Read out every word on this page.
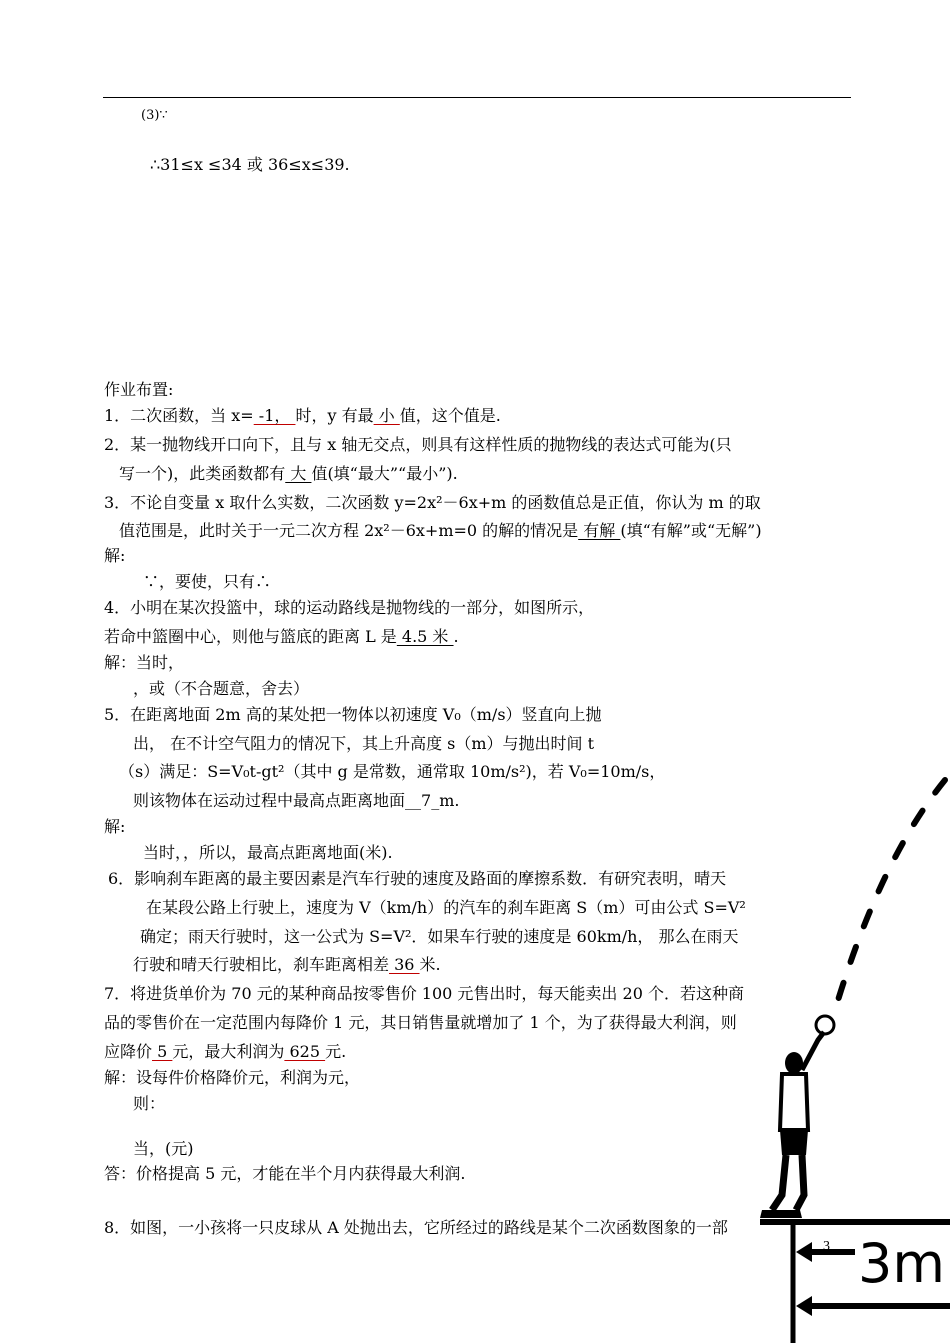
(3)∵
∴31≤x ≤34 或 36≤x≤39.
作业布置:
1．二次函数，当 x= -1， 时，y 有最 小 值，这个值是.
2．某一抛物线开口向下，且与 x 轴无交点，则具有这样性质的抛物线的表达式可能为(只
写一个)，此类函数都有 大 值(填“最大”“最小”).
3．不论自变量 x 取什么实数，二次函数 y=2x²－6x+m 的函数值总是正值，你认为 m 的取
值范围是，此时关于一元二次方程 2x²－6x+m=0 的解的情况是 有解 (填“有解”或“无解”)
解:
∵，要使，只有∴
4．小明在某次投篮中，球的运动路线是抛物线的一部分，如图所示，
若命中篮圈中心，则他与篮底的距离 L 是 4.5 米 .
解：当时，
，或（不合题意，舍去）
5．在距离地面 2m 高的某处把一物体以初速度 V₀（m/s）竖直向上抛
出， 在不计空气阻力的情况下，其上升高度 s（m）与抛出时间 t
（s）满足：S=V₀t-gt²（其中 g 是常数，通常取 10m/s²)，若 V₀=10m/s，
则该物体在运动过程中最高点距离地面__7_m.
解:
当时，，所以，最高点距离地面(米).
6．影响刹车距离的最主要因素是汽车行驶的速度及路面的摩擦系数．有研究表明，晴天
在某段公路上行驶上，速度为 V（km/h）的汽车的刹车距离 S（m）可由公式 S=V²
确定；雨天行驶时，这一公式为 S=V²．如果车行驶的速度是 60km/h， 那么在雨天
行驶和晴天行驶相比，刹车距离相差 36 米.
7．将进货单价为 70 元的某种商品按零售价 100 元售出时，每天能卖出 20 个．若这种商
品的零售价在一定范围内每降价 1 元，其日销售量就增加了 1 个，为了获得最大利润，则
应降价 5 元，最大利润为 625 元.
解：设每件价格降价元，利润为元，
则：
当，(元)
答：价格提高 5 元，才能在半个月内获得最大利润.
8．如图，一小孩将一只皮球从 A 处抛出去，它所经过的路线是某个二次函数图象的一部
3m
3
